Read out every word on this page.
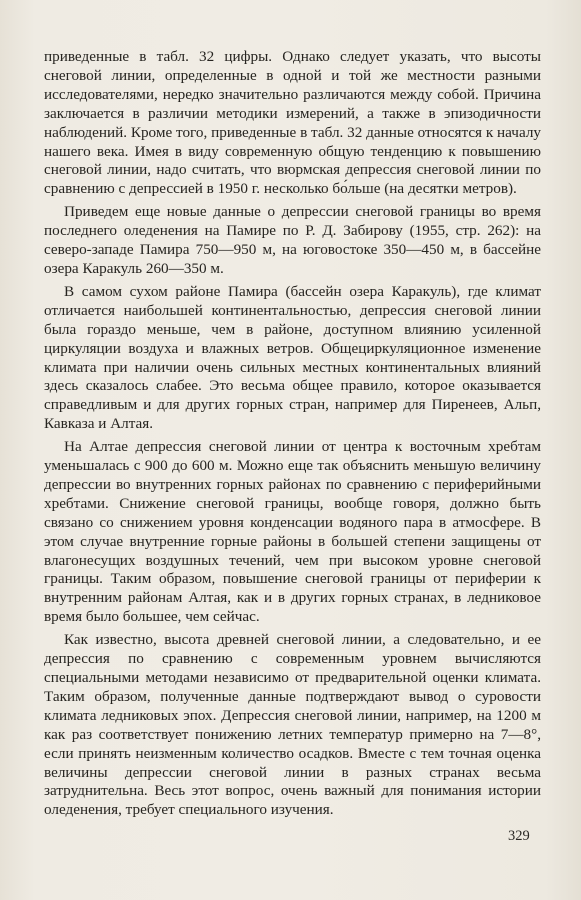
приведенные в табл. 32 цифры. Однако следует указать, что высоты снеговой линии, определенные в одной и той же местности разными исследователями, нередко значительно различаются между собой. Причина заключается в различии методики измерений, а также в эпизодичности наблюдений. Кроме того, приведенные в табл. 32 данные относятся к началу нашего века. Имея в виду современную общую тенденцию к повышению снеговой линии, надо считать, что вюрмская депрессия снеговой линии по сравнению с депрессией в 1950 г. несколько бо́льше (на десятки метров).

Приведем еще новые данные о депрессии снеговой границы во время последнего оледенения на Памире по Р. Д. Забирову (1955, стр. 262): на северо-западе Памира 750—950 м, на юговостоке 350—450 м, в бассейне озера Каракуль 260—350 м.

В самом сухом районе Памира (бассейн озера Каракуль), где климат отличается наибольшей континентальностью, депрессия снеговой линии была гораздо меньше, чем в районе, доступном влиянию усиленной циркуляции воздуха и влажных ветров. Общециркуляционное изменение климата при наличии очень сильных местных континентальных влияний здесь сказалось слабее. Это весьма общее правило, которое оказывается справедливым и для других горных стран, например для Пиренеев, Альп, Кавказа и Алтая.

На Алтае депрессия снеговой линии от центра к восточным хребтам уменьшалась с 900 до 600 м. Можно еще так объяснить меньшую величину депрессии во внутренних горных районах по сравнению с периферийными хребтами. Снижение снеговой границы, вообще говоря, должно быть связано со снижением уровня конденсации водяного пара в атмосфере. В этом случае внутренние горные районы в большей степени защищены от влагонесущих воздушных течений, чем при высоком уровне снеговой границы. Таким образом, повышение снеговой границы от периферии к внутренним районам Алтая, как и в других горных странах, в ледниковое время было большее, чем сейчас.

Как известно, высота древней снеговой линии, а следовательно, и ее депрессия по сравнению с современным уровнем вычисляются специальными методами независимо от предварительной оценки климата. Таким образом, полученные данные подтверждают вывод о суровости климата ледниковых эпох. Депрессия снеговой линии, например, на 1200 м как раз соответствует понижению летних температур примерно на 7—8°, если принять неизменным количество осадков. Вместе с тем точная оценка величины депрессии снеговой линии в разных странах весьма затруднительна. Весь этот вопрос, очень важный для понимания истории оледенения, требует специального изучения.

329
